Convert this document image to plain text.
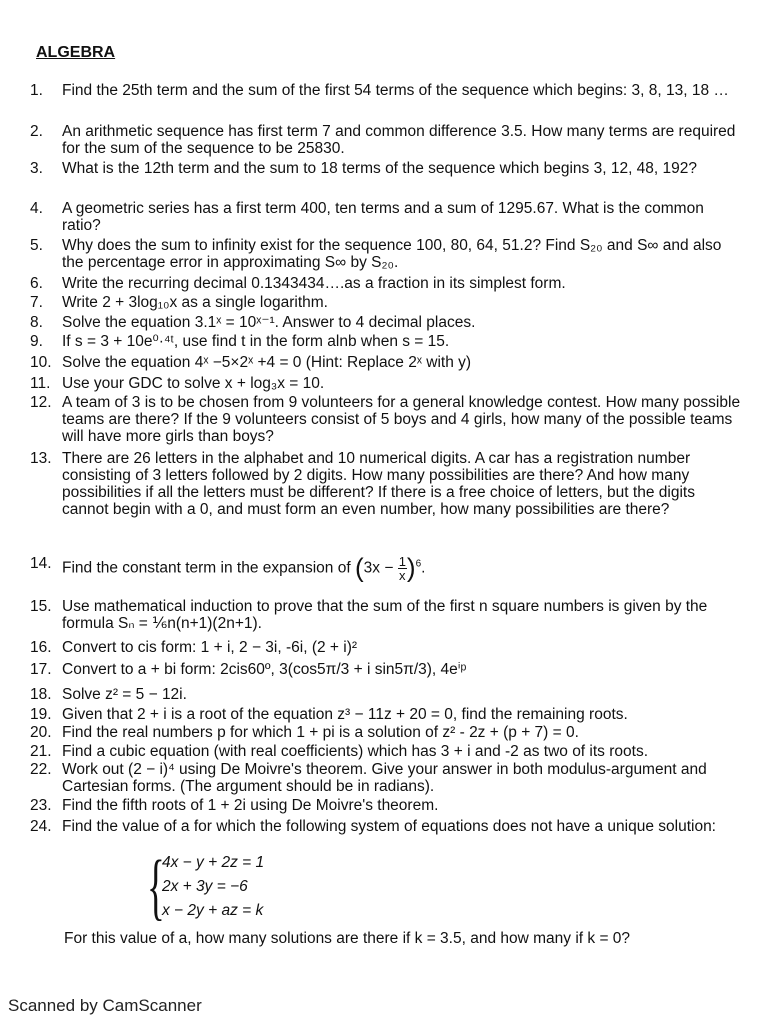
ALGEBRA
1.	Find the 25th term and the sum of the first 54 terms of the sequence which begins: 3, 8, 13, 18 …
2.	An arithmetic sequence has first term 7 and common difference 3.5. How many terms are required for the sum of the sequence to be 25830.
3.	What is the 12th term and the sum to 18 terms of the sequence which begins 3, 12, 48, 192?
4.	A geometric series has a first term 400, ten terms and a sum of 1295.67. What is the common ratio?
5.	Why does the sum to infinity exist for the sequence 100, 80, 64, 51.2? Find S₂₀ and S∞ and also the percentage error in approximating S∞ by S₂₀.
6.	Write the recurring decimal 0.1343434….as a fraction in its simplest form.
7.	Write 2 + 3log₁₀x as a single logarithm.
8.	Solve the equation 3.1ˣ = 10ˣ⁻¹. Answer to 4 decimal places.
9.	If s = 3 + 10e⁰·⁴ᵗ, use find t in the form alnb when s = 15.
10. Solve the equation 4ˣ −5×2ˣ +4 = 0 (Hint: Replace 2ˣ with y)
11. Use your GDC to solve x + log₃x = 10.
12. A team of 3 is to be chosen from 9 volunteers for a general knowledge contest. How many possible teams are there? If the 9 volunteers consist of 5 boys and 4 girls, how many of the possible teams will have more girls than boys?
13. There are 26 letters in the alphabet and 10 numerical digits. A car has a registration number consisting of 3 letters followed by 2 digits. How many possibilities are there? And how many possibilities if all the letters must be different? If there is a free choice of letters, but the digits cannot begin with a 0, and must form an even number, how many possibilities are there?
14. Find the constant term in the expansion of $(3x - \frac{1}{x} )^6$.
15. Use mathematical induction to prove that the sum of the first n square numbers is given by the formula Sₙ = ⅙n(n+1)(2n+1).
16. Convert to cis form: 1 + i, 2 − 3i, -6i, (2 + i)²
17. Convert to a + bi form: 2cis60º, 3(cos5π/3 + i sin5π/3), 4eⁱᵖ
18. Solve z² = 5 − 12i.
19. Given that 2 + i is a root of the equation z³ − 11z + 20 = 0, find the remaining roots.
20. Find the real numbers p for which 1 + pi is a solution of z² - 2z + (p + 7) = 0.
21. Find a cubic equation (with real coefficients) which has 3 + i and -2 as two of its roots.
22. Work out (2 − i)⁴ using De Moivre's theorem. Give your answer in both modulus-argument and Cartesian forms. (The argument should be in radians).
23. Find the fifth roots of 1 + 2i using De Moivre's theorem.
24. Find the value of a for which the following system of equations does not have a unique solution:
{
4x − y + 2z = 1
2x + 3y = −6
x − 2y + az = k
For this value of a, how many solutions are there if k = 3.5, and how many if k = 0?
Scanned by CamScanner
